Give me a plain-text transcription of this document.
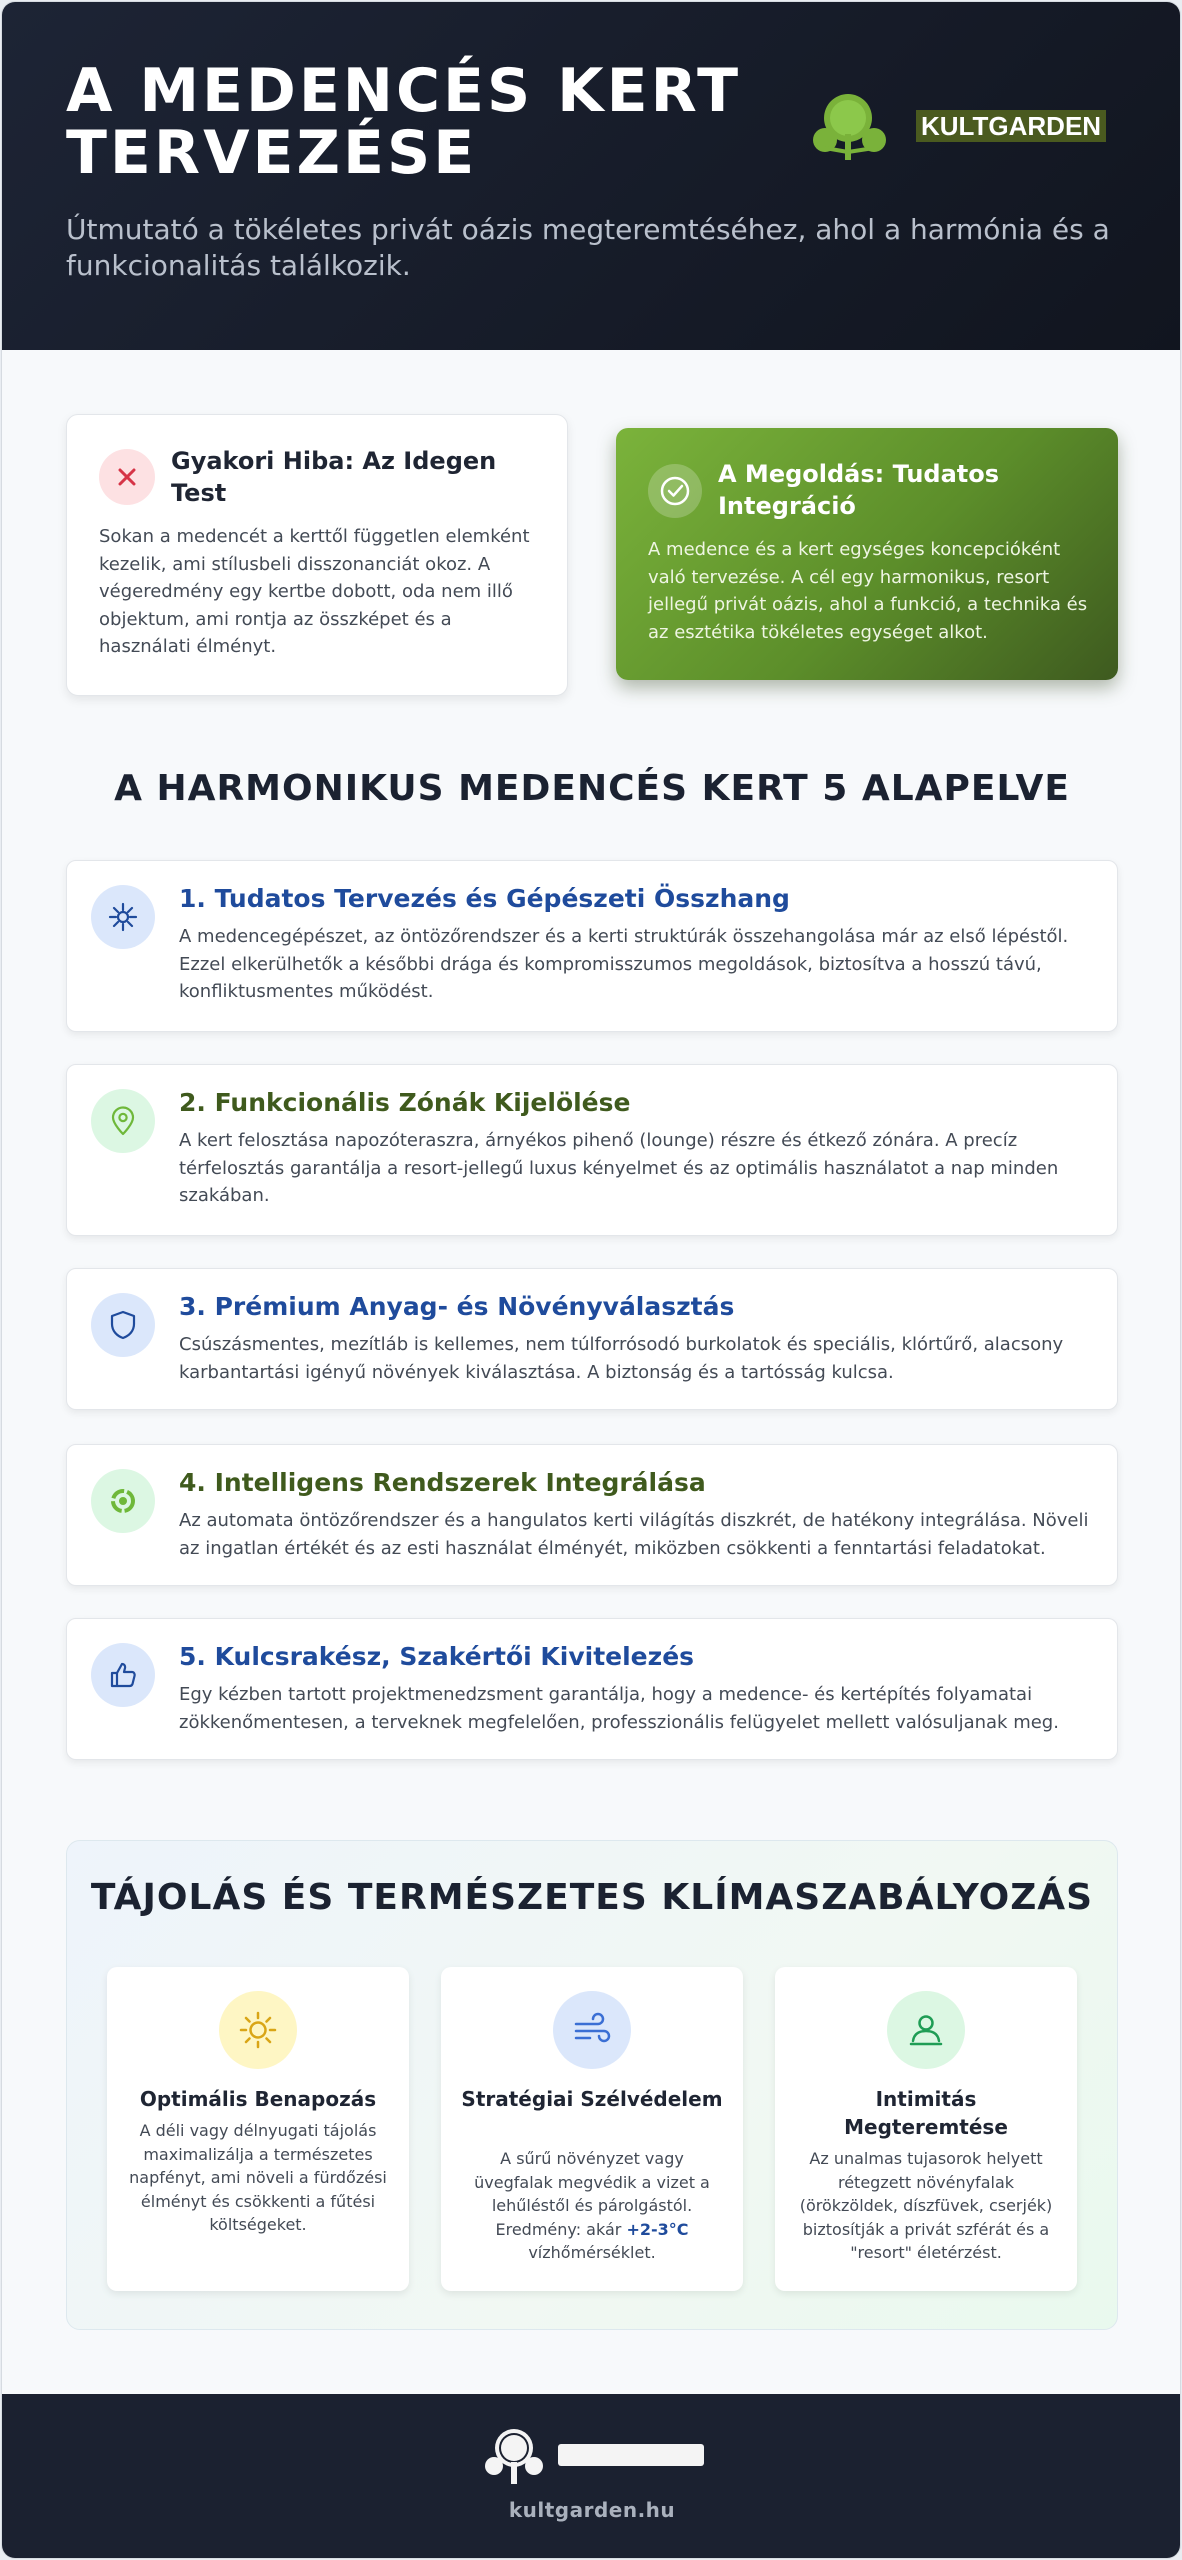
A MEDENCÉS KERT TERVEZÉSE
Útmutató a tökéletes privát oázis megteremtéséhez, ahol a harmónia és a funkcionalitás találkozik.
KULTGARDEN
Gyakori Hiba: Az Idegen Test
Sokan a medencét a kerttől független elemként kezelik, ami stílusbeli disszonanciát okoz. A végeredmény egy kertbe dobott, oda nem illő objektum, ami rontja az összképet és a használati élményt.
A Megoldás: Tudatos Integráció
A medence és a kert egységes koncepcióként való tervezése. A cél egy harmonikus, resort jellegű privát oázis, ahol a funkció, a technika és az esztétika tökéletes egységet alkot.
A HARMONIKUS MEDENCÉS KERT 5 ALAPELVE
1. Tudatos Tervezés és Gépészeti Összhang
A medencegépészet, az öntözőrendszer és a kerti struktúrák összehangolása már az első lépéstől. Ezzel elkerülhetők a későbbi drága és kompromisszumos megoldások, biztosítva a hosszú távú, konfliktusmentes működést.
2. Funkcionális Zónák Kijelölése
A kert felosztása napozóteraszra, árnyékos pihenő (lounge) részre és étkező zónára. A precíz térfelosztás garantálja a resort-jellegű luxus kényelmet és az optimális használatot a nap minden szakában.
3. Prémium Anyag- és Növényválasztás
Csúszásmentes, mezítláb is kellemes, nem túlforrósodó burkolatok és speciális, klórtűrő, alacsony karbantartási igényű növények kiválasztása. A biztonság és a tartósság kulcsa.
4. Intelligens Rendszerek Integrálása
Az automata öntözőrendszer és a hangulatos kerti világítás diszkrét, de hatékony integrálása. Növeli az ingatlan értékét és az esti használat élményét, miközben csökkenti a fenntartási feladatokat.
5. Kulcsrakész, Szakértői Kivitelezés
Egy kézben tartott projektmenedzsment garantálja, hogy a medence- és kertépítés folyamatai zökkenőmentesen, a terveknek megfelelően, professzionális felügyelet mellett valósuljanak meg.
TÁJOLÁS ÉS TERMÉSZETES KLÍMASZABÁLYOZÁS
Optimális Benapozás
A déli vagy délnyugati tájolás maximalizálja a természetes napfényt, ami növeli a fürdőzési élményt és csökkenti a fűtési költségeket.
Stratégiai Szélvédelem
A sűrű növényzet vagy üvegfalak megvédik a vizet a lehűléstől és párolgástól. Eredmény: akár +2-3°C vízhőmérséklet.
Intimitás Megteremtése
Az unalmas tujasorok helyett rétegzett növényfalak (örökzöldek, díszfüvek, cserjék) biztosítják a privát szférát és a "resort" életérzést.
kultgarden.hu
